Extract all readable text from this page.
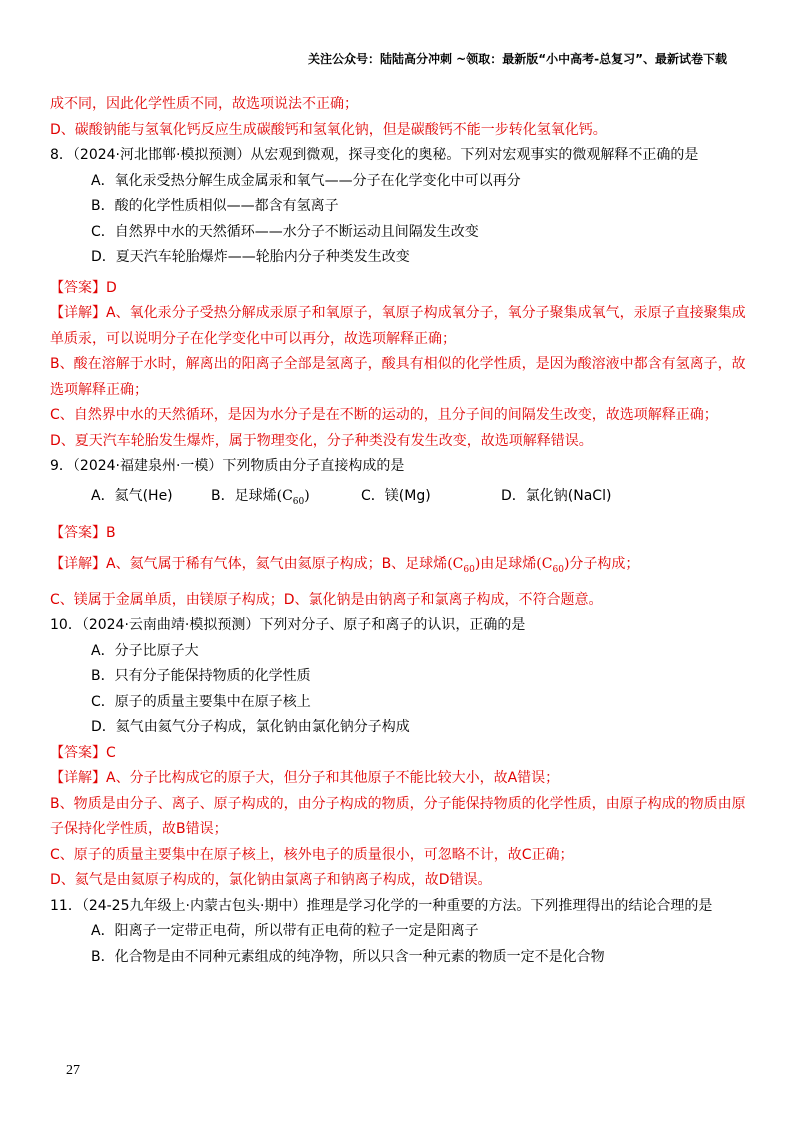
关注公众号：陆陆高分冲刺 ~领取：最新版“小中高考-总复习”、最新试卷下载
成不同，因此化学性质不同，故选项说法不正确；
D、碳酸钠能与氢氧化钙反应生成碳酸钙和氢氧化钠，但是碳酸钙不能一步转化氢氧化钙。
8．（2024·河北邯郸·模拟预测）从宏观到微观，探寻变化的奥秘。下列对宏观事实的微观解释不正确的是
A．氧化汞受热分解生成金属汞和氧气——分子在化学变化中可以再分
B．酸的化学性质相似——都含有氢离子
C．自然界中水的天然循环——水分子不断运动且间隔发生改变
D．夏天汽车轮胎爆炸——轮胎内分子种类发生改变
【答案】D
【详解】A、氧化汞分子受热分解成汞原子和氧原子，氧原子构成氧分子，氧分子聚集成氧气，汞原子直接聚集成单质汞，可以说明分子在化学变化中可以再分，故选项解释正确；
B、酸在溶解于水时，解离出的阳离子全部是氢离子，酸具有相似的化学性质，是因为酸溶液中都含有氢离子，故选项解释正确；
C、自然界中水的天然循环，是因为水分子是在不断的运动的，且分子间的间隔发生改变，故选项解释正确；
D、夏天汽车轮胎发生爆炸，属于物理变化，分子种类没有发生改变，故选项解释错误。
9．（2024·福建泉州·一模）下列物质由分子直接构成的是
A．氦气(He)	B．足球烯$(C_{60})$	C．镁(Mg)	D．氯化钠(NaCl)
【答案】B
【详解】A、氦气属于稀有气体，氦气由氦原子构成；B、足球烯$(C_{60})$由足球烯$(C_{60})$分子构成；
C、镁属于金属单质，由镁原子构成；D、氯化钠是由钠离子和氯离子构成，不符合题意。
10．（2024·云南曲靖·模拟预测）下列对分子、原子和离子的认识，正确的是
A．分子比原子大
B．只有分子能保持物质的化学性质
C．原子的质量主要集中在原子核上
D．氦气由氦气分子构成，氯化钠由氯化钠分子构成
【答案】C
【详解】A、分子比构成它的原子大，但分子和其他原子不能比较大小，故A错误；
B、物质是由分子、离子、原子构成的，由分子构成的物质，分子能保持物质的化学性质，由原子构成的物质由原子保持化学性质，故B错误；
C、原子的质量主要集中在原子核上，核外电子的质量很小，可忽略不计，故C正确；
D、氦气是由氦原子构成的，氯化钠由氯离子和钠离子构成，故D错误。
11．（24-25九年级上·内蒙古包头·期中）推理是学习化学的一种重要的方法。下列推理得出的结论合理的是
A．阳离子一定带正电荷，所以带有正电荷的粒子一定是阳离子
B．化合物是由不同种元素组成的纯净物，所以只含一种元素的物质一定不是化合物
27
